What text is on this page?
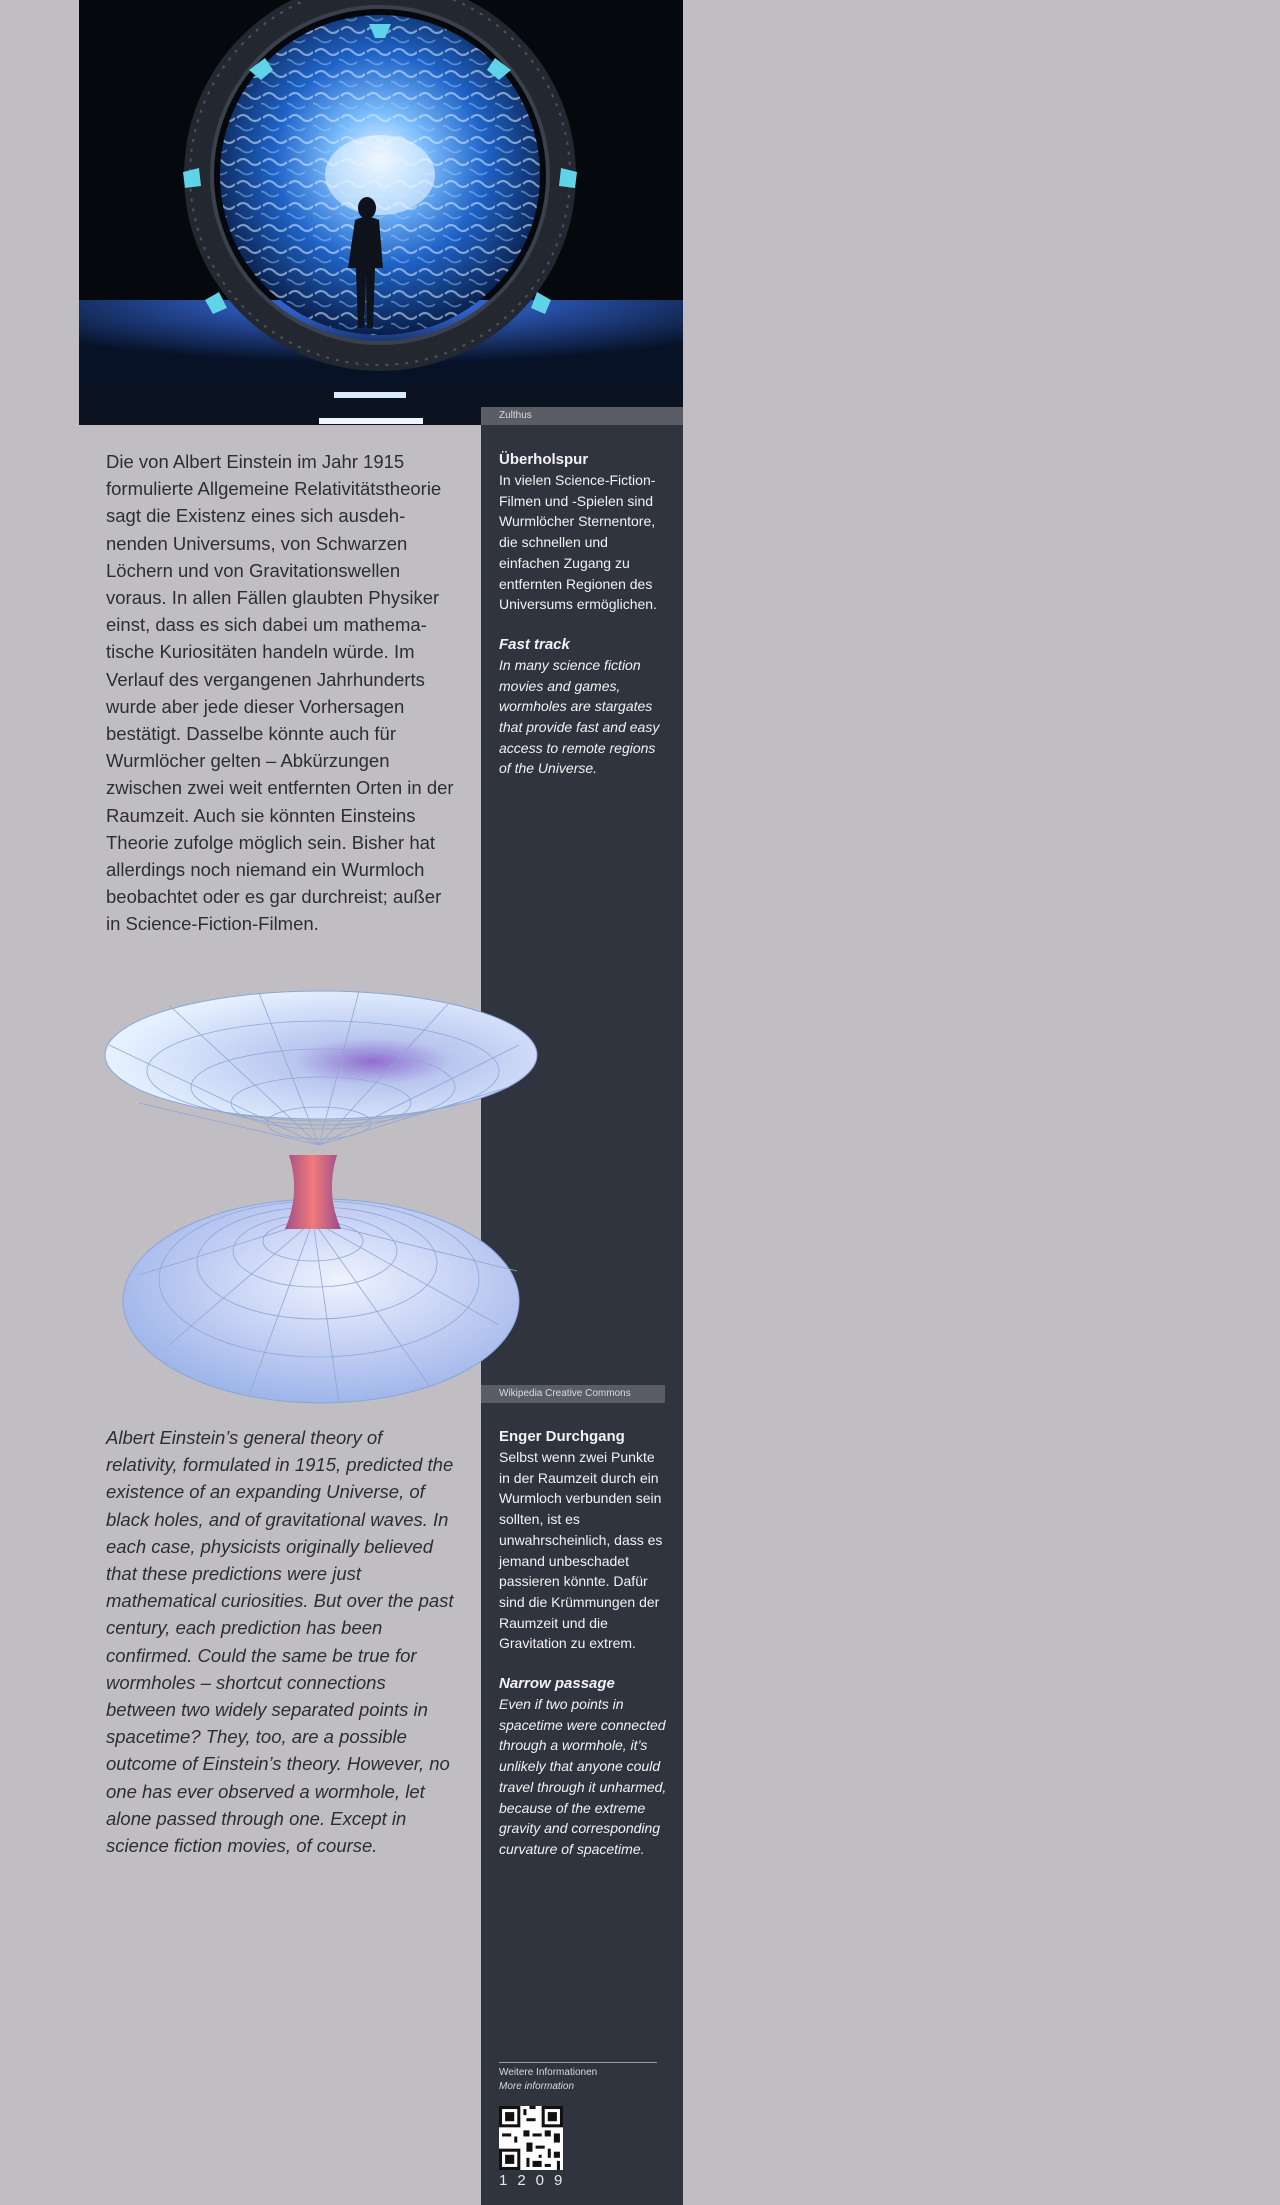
Überholspur

In vielen Science-Fiction-Filmen und -Spielen sind Wurmlöcher Sternentore, die schnellen und einfachen Zugang zu entfernten Regionen des Universums ermöglichen.

Fast track

In many science fiction movies and games, wormholes are stargates that provide fast and easy access to remote regions of the Universe.

Enger Durchgang

Selbst wenn zwei Punkte in der Raumzeit durch ein Wurmloch verbunden sein sollten, ist es unwahrscheinlich, dass es jemand unbeschadet passieren könnte. Dafür sind die Krümmungen der Raumzeit und die Gravitation zu extrem.

Narrow passage

Even if two points in spacetime were connected through a wormhole, it’s unlikely that anyone could travel through it unharmed, because of the extreme gravity and corresponding curvature of spacetime.

Weitere Informationen
More information
1209
Zulthus

Die von Albert Einstein im Jahr 1915 formulierte Allgemeine Relativitätstheorie sagt die Existenz eines sich ausdehnenden Universums, von Schwarzen Löchern und von Gravitationswellen voraus. In allen Fällen glaubten Physiker einst, dass es sich dabei um mathematische Kuriositäten handeln würde. Im Verlauf des vergangenen Jahrhunderts wurde aber jede dieser Vorhersagen bestätigt. Dasselbe könnte auch für Wurmlöcher gelten – Abkürzungen zwischen zwei weit entfernten Orten in der Raumzeit. Auch sie könnten Einsteins Theorie zufolge möglich sein. Bisher hat allerdings noch niemand ein Wurmloch beobachtet oder es gar durchreist; außer in Science-Fiction-Filmen.

Wikipedia Creative Commons

Albert Einstein’s general theory of relativity, formulated in 1915, predicted the existence of an expanding Universe, of black holes, and of gravitational waves. In each case, physicists originally believed that these predictions were just mathematical curiosities. But over the past century, each prediction has been confirmed. Could the same be true for wormholes – shortcut connections between two widely separated points in spacetime? They, too, are a possible outcome of Einstein’s theory. However, no one has ever observed a wormhole, let alone passed through one. Except in science fiction movies, of course.
